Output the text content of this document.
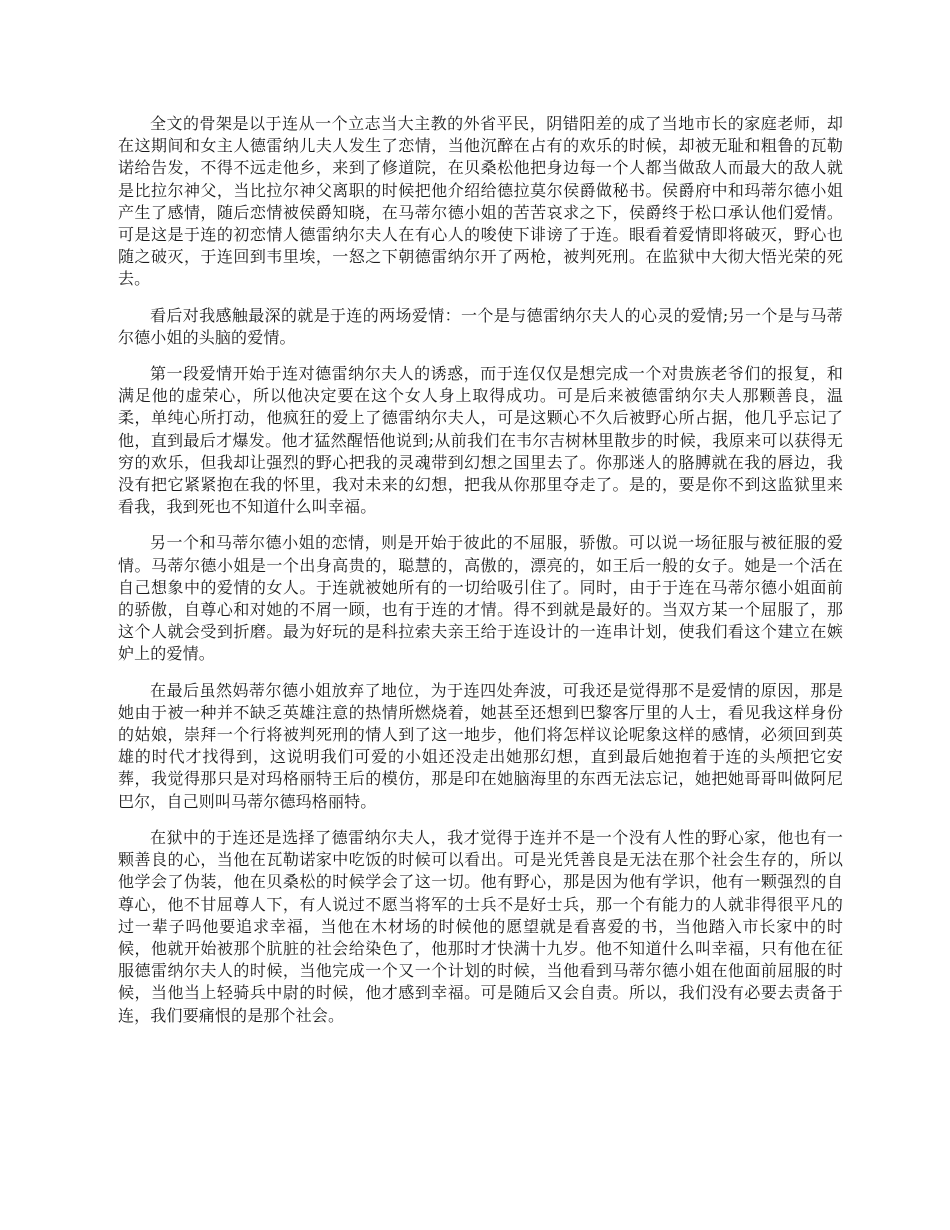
全文的骨架是以于连从一个立志当大主教的外省平民，阴错阳差的成了当地市长的家庭老师，却在这期间和女主人德雷纳儿夫人发生了恋情，当他沉醉在占有的欢乐的时候，却被无耻和粗鲁的瓦勒诺给告发，不得不远走他乡，来到了修道院，在贝桑松他把身边每一个人都当做敌人而最大的敌人就是比拉尔神父，当比拉尔神父离职的时候把他介绍给德拉莫尔侯爵做秘书。侯爵府中和玛蒂尔德小姐产生了感情，随后恋情被侯爵知晓，在马蒂尔德小姐的苦苦哀求之下，侯爵终于松口承认他们爱情。可是这是于连的初恋情人德雷纳尔夫人在有心人的唆使下诽谤了于连。眼看着爱情即将破灭，野心也随之破灭，于连回到韦里埃，一怒之下朝德雷纳尔开了两枪，被判死刑。在监狱中大彻大悟光荣的死去。

看后对我感触最深的就是于连的两场爱情：一个是与德雷纳尔夫人的心灵的爱情;另一个是与马蒂尔德小姐的头脑的爱情。

第一段爱情开始于连对德雷纳尔夫人的诱惑，而于连仅仅是想完成一个对贵族老爷们的报复，和满足他的虚荣心，所以他决定要在这个女人身上取得成功。可是后来被德雷纳尔夫人那颗善良，温柔，单纯心所打动，他疯狂的爱上了德雷纳尔夫人，可是这颗心不久后被野心所占据，他几乎忘记了他，直到最后才爆发。他才猛然醒悟他说到;从前我们在韦尔吉树林里散步的时候，我原来可以获得无穷的欢乐，但我却让强烈的野心把我的灵魂带到幻想之国里去了。你那迷人的胳膊就在我的唇边，我没有把它紧紧抱在我的怀里，我对未来的幻想，把我从你那里夺走了。是的，要是你不到这监狱里来看我，我到死也不知道什么叫幸福。

另一个和马蒂尔德小姐的恋情，则是开始于彼此的不屈服，骄傲。可以说一场征服与被征服的爱情。马蒂尔德小姐是一个出身高贵的，聪慧的，高傲的，漂亮的，如王后一般的女子。她是一个活在自己想象中的爱情的女人。于连就被她所有的一切给吸引住了。同时，由于于连在马蒂尔德小姐面前的骄傲，自尊心和对她的不屑一顾，也有于连的才情。得不到就是最好的。当双方某一个屈服了，那这个人就会受到折磨。最为好玩的是科拉索夫亲王给于连设计的一连串计划，使我们看这个建立在嫉妒上的爱情。

在最后虽然妈蒂尔德小姐放弃了地位，为于连四处奔波，可我还是觉得那不是爱情的原因，那是她由于被一种并不缺乏英雄注意的热情所燃烧着，她甚至还想到巴黎客厅里的人士，看见我这样身份的姑娘，崇拜一个行将被判死刑的情人到了这一地步，他们将怎样议论呢象这样的感情，必须回到英雄的时代才找得到，这说明我们可爱的小姐还没走出她那幻想，直到最后她抱着于连的头颅把它安葬，我觉得那只是对玛格丽特王后的模仿，那是印在她脑海里的东西无法忘记，她把她哥哥叫做阿尼巴尔，自己则叫马蒂尔德玛格丽特。

在狱中的于连还是选择了德雷纳尔夫人，我才觉得于连并不是一个没有人性的野心家，他也有一颗善良的心，当他在瓦勒诺家中吃饭的时候可以看出。可是光凭善良是无法在那个社会生存的，所以他学会了伪装，他在贝桑松的时候学会了这一切。他有野心，那是因为他有学识，他有一颗强烈的自尊心，他不甘屈尊人下，有人说过不愿当将军的士兵不是好士兵，那一个有能力的人就非得很平凡的过一辈子吗他要追求幸福，当他在木材场的时候他的愿望就是看喜爱的书，当他踏入市长家中的时候，他就开始被那个肮脏的社会给染色了，他那时才快满十九岁。他不知道什么叫幸福，只有他在征服德雷纳尔夫人的时候，当他完成一个又一个计划的时候，当他看到马蒂尔德小姐在他面前屈服的时候，当他当上轻骑兵中尉的时候，他才感到幸福。可是随后又会自责。所以，我们没有必要去责备于连，我们要痛恨的是那个社会。
